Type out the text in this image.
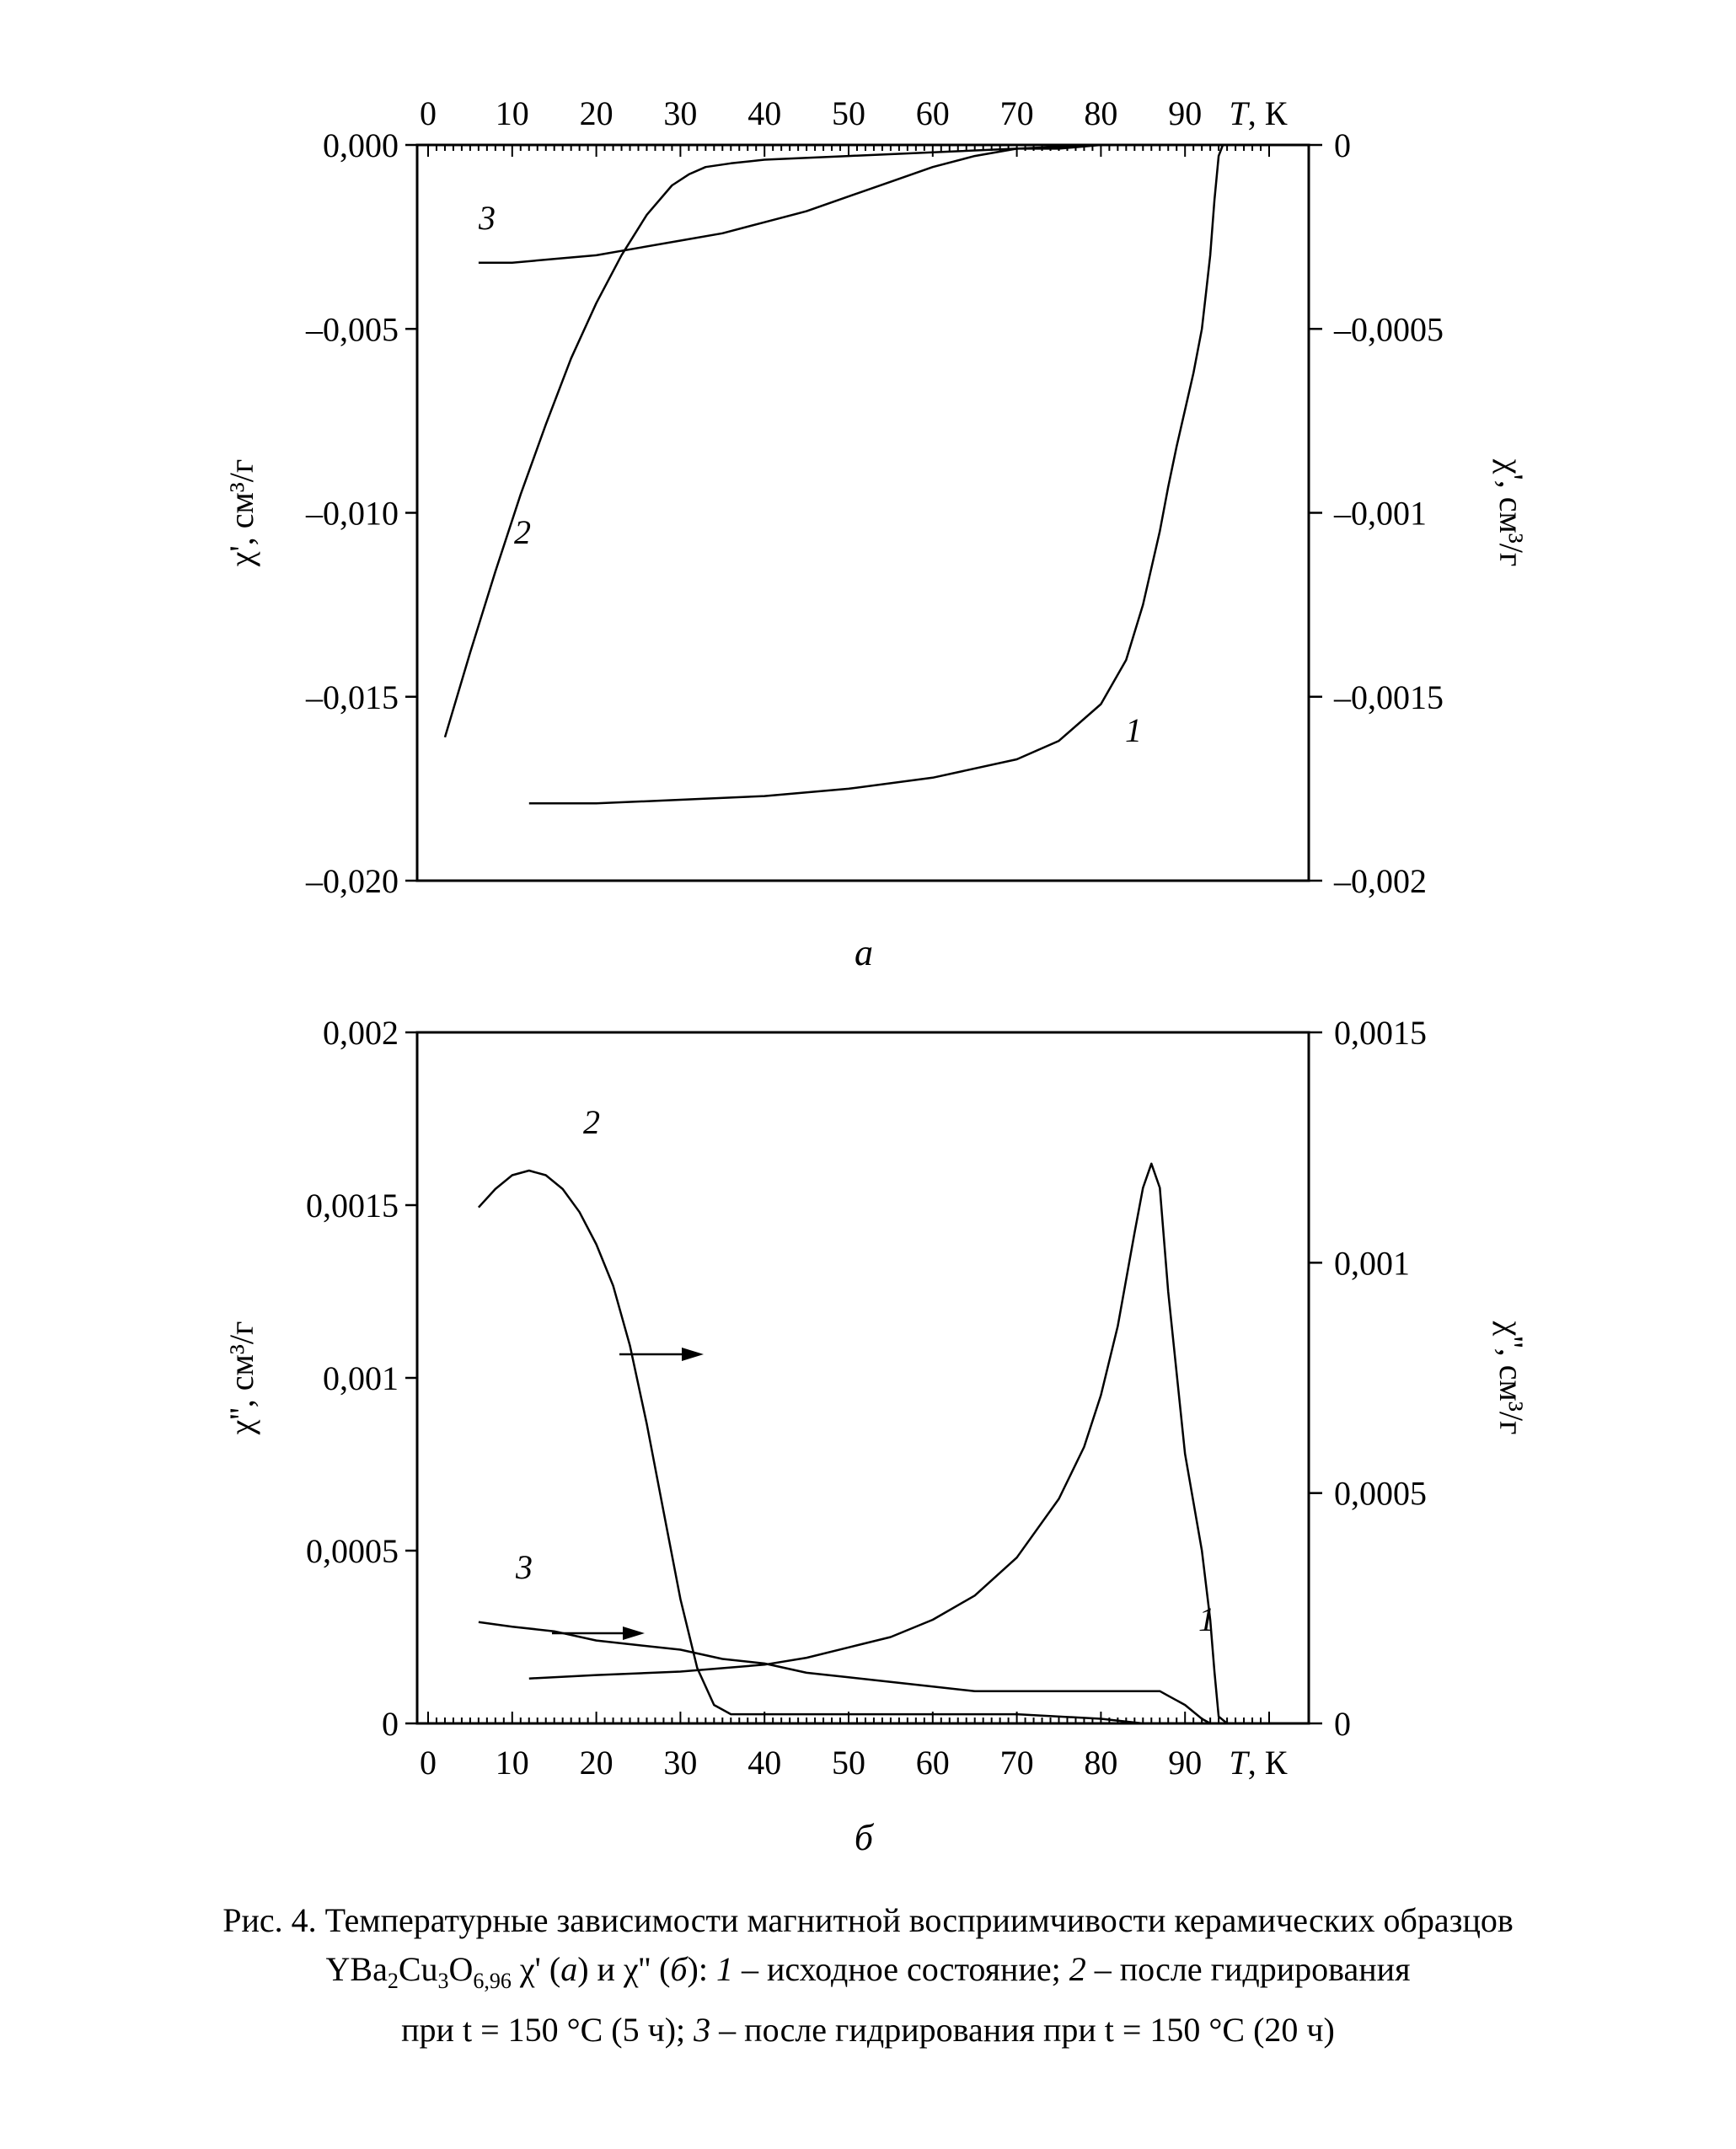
0 10 20 30 40 50 60 70 80 90 T, К
0,000
–0,005
–0,010
–0,015
–0,020
0
–0,0005
–0,001
–0,0015
–0,002
χ', см³/г	χ', см³/г
1
2
3
а
0 10 20 30 40 50 60 70 80 90 T, К
0,002
0,0015
0,001
0,0005
0
0,0015
0,001
0,0005
0
χ'', см³/г	χ'', см³/г
1
2
3
б
Рис. 4. Температурные зависимости магнитной восприимчивости керамических образцов
$YBa_2Cu_3O_{6,96}$ χ' (а) и χ'' (б): 1 – исходное состояние; 2 – после гидрирования
при t = 150 °С (5 ч); 3 – после гидрирования при t = 150 °С (20 ч)
